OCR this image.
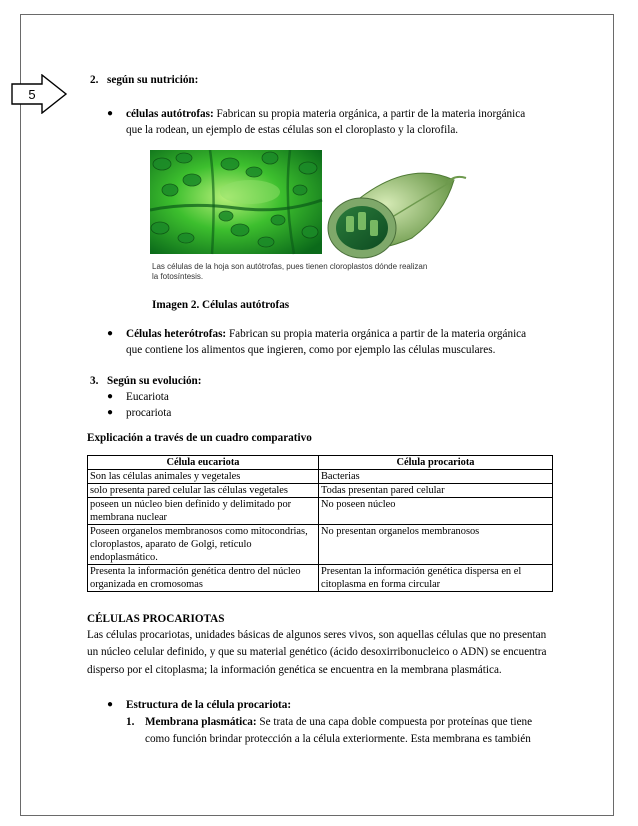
5
2. según su nutrición:
● células autótrofas: Fabrican su propia materia orgánica, a partir de la materia inorgánica
que la rodean, un ejemplo de estas células son el cloroplasto y la clorofila.
Las células de la hoja son autótrofas, pues tienen cloroplastos dónde realizan
la fotosíntesis.
Imagen 2. Células autótrofas
● Células heterótrofas: Fabrican su propia materia orgánica a partir de la materia orgánica
que contiene los alimentos que ingieren, como por ejemplo las células musculares.
3. Según su evolución:
● Eucariota
● procariota
Explicación a través de un cuadro comparativo
Célula eucariota	Célula procariota
Son las células animales y vegetales	Bacterias
solo presenta pared celular las células vegetales	Todas presentan pared celular
poseen un núcleo bien definido y delimitado por membrana nuclear	No poseen núcleo
Poseen organelos membranosos como mitocondrias, cloroplastos, aparato de Golgi, retículo endoplasmático.	No presentan organelos membranosos
Presenta la información genética dentro del núcleo organizada en cromosomas	Presentan la información genética dispersa en el citoplasma en forma circular
CÉLULAS PROCARIOTAS
Las células procariotas, unidades básicas de algunos seres vivos, son aquellas células que no presentan un núcleo celular definido, y que su material genético (ácido desoxirribonucleico o ADN) se encuentra disperso por el citoplasma; la información genética se encuentra en la membrana plasmática.
● Estructura de la célula procariota:
1. Membrana plasmática: Se trata de una capa doble compuesta por proteínas que tiene
como función brindar protección a la célula exteriormente. Esta membrana es también
